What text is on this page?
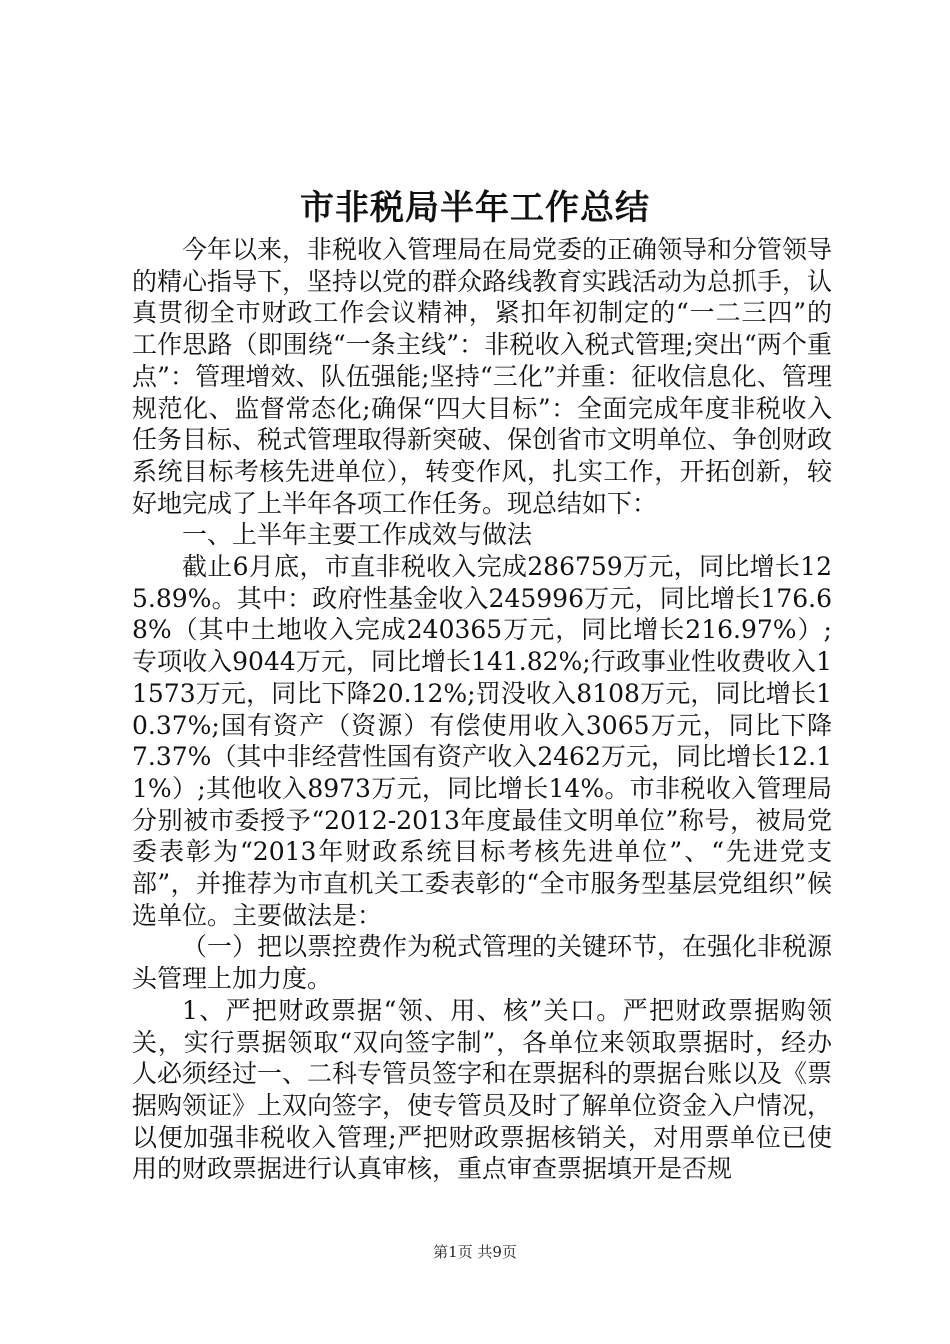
市非税局半年工作总结

今年以来，非税收入管理局在局党委的正确领导和分管领导的精心指导下，坚持以党的群众路线教育实践活动为总抓手，认真贯彻全市财政工作会议精神，紧扣年初制定的“一二三四”的工作思路（即围绕“一条主线”：非税收入税式管理;突出“两个重点”：管理增效、队伍强能;坚持“三化”并重：征收信息化、管理规范化、监督常态化;确保“四大目标”：全面完成年度非税收入任务目标、税式管理取得新突破、保创省市文明单位、争创财政系统目标考核先进单位），转变作风，扎实工作，开拓创新，较好地完成了上半年各项工作任务。现总结如下：

一、上半年主要工作成效与做法

截止6月底，市直非税收入完成286759万元，同比增长125.89%。其中：政府性基金收入245996万元，同比增长176.68%（其中土地收入完成240365万元，同比增长216.97%）;专项收入9044万元，同比增长141.82%;行政事业性收费收入11573万元，同比下降20.12%;罚没收入8108万元，同比增长10.37%;国有资产（资源）有偿使用收入3065万元，同比下降7.37%（其中非经营性国有资产收入2462万元，同比增长12.11%）;其他收入8973万元，同比增长14%。市非税收入管理局分别被市委授予“2012-2013年度最佳文明单位”称号，被局党委表彰为“2013年财政系统目标考核先进单位”、“先进党支部”，并推荐为市直机关工委表彰的“全市服务型基层党组织”候选单位。主要做法是：

（一）把以票控费作为税式管理的关键环节，在强化非税源头管理上加力度。

1、严把财政票据“领、用、核”关口。严把财政票据购领关，实行票据领取“双向签字制”，各单位来领取票据时，经办人必须经过一、二科专管员签字和在票据科的票据台账以及《票据购领证》上双向签字，使专管员及时了解单位资金入户情况，以便加强非税收入管理;严把财政票据核销关，对用票单位已使用的财政票据进行认真审核，重点审查票据填开是否规

第1页 共9页
